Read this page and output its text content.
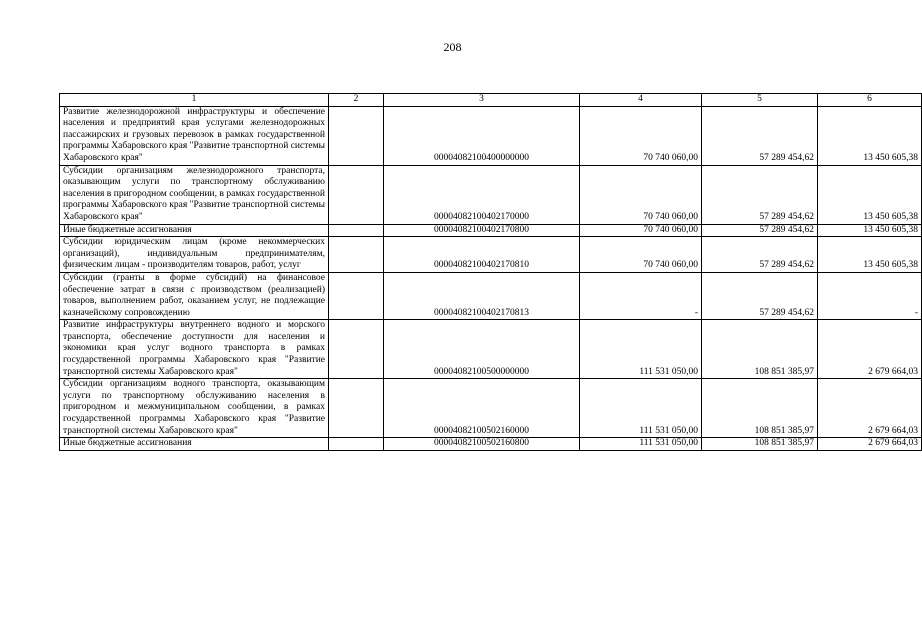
208
1	2	3	4	5	6
Развитие железнодорожной инфраструктуры и обеспечение населения и предприятий края услугами железнодорожных пассажирских и грузовых перевозок в рамках государственной программы Хабаровского края "Развитие транспортной системы Хабаровского края"		00004082100400000000	70 740 060,00	57 289 454,62	13 450 605,38
Субсидии организациям железнодорожного транспорта, оказывающим услуги по транспортному обслуживанию населения в пригородном сообщении, в рамках государственной программы Хабаровского края "Развитие транспортной системы Хабаровского края"		00004082100402170000	70 740 060,00	57 289 454,62	13 450 605,38
Иные бюджетные ассигнования		00004082100402170800	70 740 060,00	57 289 454,62	13 450 605,38
Субсидии юридическим лицам (кроме некоммерческих организаций), индивидуальным предпринимателям, физическим лицам - производителям товаров, работ, услуг		00004082100402170810	70 740 060,00	57 289 454,62	13 450 605,38
Субсидии (гранты в форме субсидий) на финансовое обеспечение затрат в связи с производством (реализацией) товаров, выполнением работ, оказанием услуг, не подлежащие казначейскому сопровождению		00004082100402170813	-	57 289 454,62	-
Развитие инфраструктуры внутреннего водного и морского транспорта, обеспечение доступности для населения и экономики края услуг водного транспорта в рамках государственной программы Хабаровского края "Развитие транспортной системы Хабаровского края"		00004082100500000000	111 531 050,00	108 851 385,97	2 679 664,03
Субсидии организациям водного транспорта, оказывающим услуги по транспортному обслуживанию населения в пригородном и межмуниципальном сообщении, в рамках государственной программы Хабаровского края "Развитие транспортной системы Хабаровского края"		00004082100502160000	111 531 050,00	108 851 385,97	2 679 664,03
Иные бюджетные ассигнования		00004082100502160800	111 531 050,00	108 851 385,97	2 679 664,03
